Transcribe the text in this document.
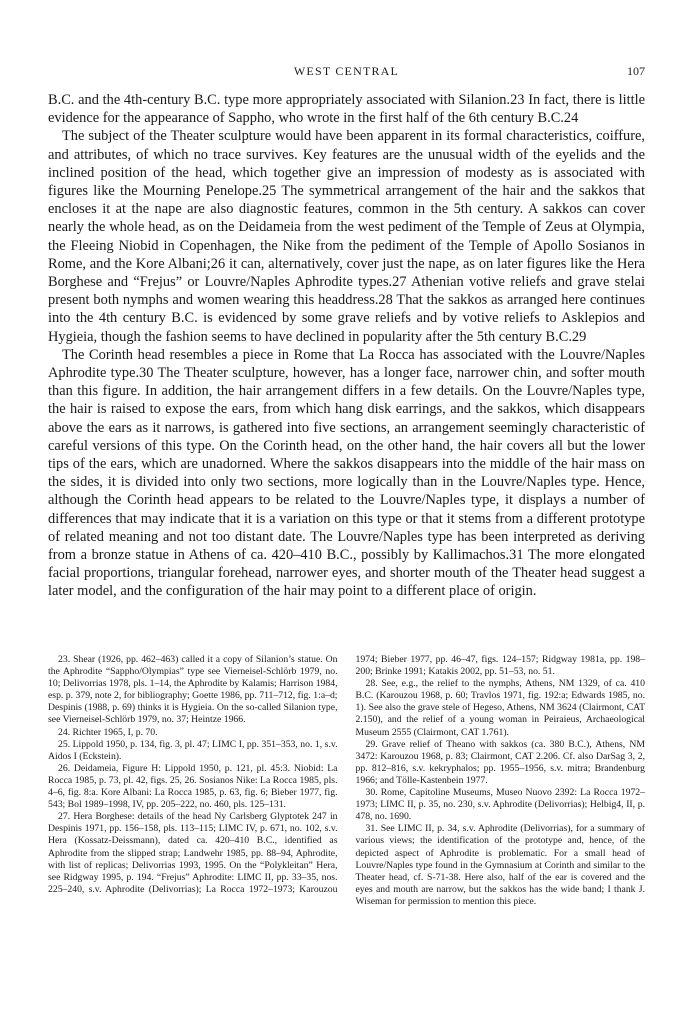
WEST CENTRAL	107

B.C. and the 4th-century B.C. type more appropriately associated with Silanion.23 In fact, there is little evidence for the appearance of Sappho, who wrote in the first half of the 6th century B.C.24

The subject of the Theater sculpture would have been apparent in its formal characteristics, coiffure, and attributes, of which no trace survives. Key features are the unusual width of the eyelids and the inclined position of the head, which together give an impression of modesty as is associated with figures like the Mourning Penelope.25 The symmetrical arrangement of the hair and the sakkos that encloses it at the nape are also diagnostic features, common in the 5th century. A sakkos can cover nearly the whole head, as on the Deidameia from the west pediment of the Temple of Zeus at Olympia, the Fleeing Niobid in Copenhagen, the Nike from the pediment of the Temple of Apollo Sosianos in Rome, and the Kore Albani;26 it can, alternatively, cover just the nape, as on later figures like the Hera Borghese and “Frejus” or Louvre/Naples Aphrodite types.27 Athenian votive reliefs and grave stelai present both nymphs and women wearing this headdress.28 That the sakkos as arranged here continues into the 4th century B.C. is evidenced by some grave reliefs and by votive reliefs to Asklepios and Hygieia, though the fashion seems to have declined in popularity after the 5th century B.C.29

The Corinth head resembles a piece in Rome that La Rocca has associated with the Louvre/Naples Aphrodite type.30 The Theater sculpture, however, has a longer face, narrower chin, and softer mouth than this figure. In addition, the hair arrangement differs in a few details. On the Louvre/Naples type, the hair is raised to expose the ears, from which hang disk earrings, and the sakkos, which disappears above the ears as it narrows, is gathered into five sections, an arrangement seemingly characteristic of careful versions of this type. On the Corinth head, on the other hand, the hair covers all but the lower tips of the ears, which are unadorned. Where the sakkos disappears into the middle of the hair mass on the sides, it is divided into only two sections, more logically than in the Louvre/Naples type. Hence, although the Corinth head appears to be related to the Louvre/Naples type, it displays a number of differences that may indicate that it is a variation on this type or that it stems from a different prototype of related meaning and not too distant date. The Louvre/Naples type has been interpreted as deriving from a bronze statue in Athens of ca. 420–410 B.C., possibly by Kallimachos.31 The more elongated facial proportions, triangular forehead, narrower eyes, and shorter mouth of the Theater head suggest a later model, and the configuration of the hair may point to a different place of origin.

23. Shear (1926, pp. 462–463) called it a copy of Silanion’s statue. On the Aphrodite “Sappho/Olympias” type see Vierneisel-Schlörb 1979, no. 10; Delivorrias 1978, pls. 1–14, the Aphrodite by Kalamis; Harrison 1984, esp. p. 379, note 2, for bibliography; Goette 1986, pp. 711–712, fig. 1:a–d; Despinis (1988, p. 69) thinks it is Hygieia. On the so-called Silanion type, see Vierneisel-Schlörb 1979, no. 37; Heintze 1966.

24. Richter 1965, I, p. 70.

25. Lippold 1950, p. 134, fig. 3, pl. 47; LIMC I, pp. 351–353, no. 1, s.v. Aidos I (Eckstein).

26. Deidameia, Figure H: Lippold 1950, p. 121, pl. 45:3. Niobid: La Rocca 1985, p. 73, pl. 42, figs. 25, 26. Sosianos Nike: La Rocca 1985, pls. 4–6, fig. 8:a. Kore Albani: La Rocca 1985, p. 63, fig. 6; Bieber 1977, fig. 543; Bol 1989–1998, IV, pp. 205–222, no. 460, pls. 125–131.

27. Hera Borghese: details of the head Ny Carlsberg Glyptotek 247 in Despinis 1971, pp. 156–158, pls. 113–115; LIMC IV, p. 671, no. 102, s.v. Hera (Kossatz-Deissmann), dated ca. 420–410 B.C., identified as Aphrodite from the slipped strap; Landwehr 1985, pp. 88–94, Aphrodite, with list of replicas; Delivorrias 1993, 1995. On the “Polykleitan” Hera, see Ridgway 1995, p. 194. “Frejus” Aphrodite: LIMC II, pp. 33–35, nos. 225–240, s.v. Aphrodite (Delivorrias); La Rocca 1972–1973; Karouzou 1974; Bieber 1977, pp. 46–47, figs. 124–157; Ridgway 1981a, pp. 198–200; Brinke 1991; Katakis 2002, pp. 51–53, no. 51.

28. See, e.g., the relief to the nymphs, Athens, NM 1329, of ca. 410 B.C. (Karouzou 1968, p. 60; Travlos 1971, fig. 192:a; Edwards 1985, no. 1). See also the grave stele of Hegeso, Athens, NM 3624 (Clairmont, CAT 2.150), and the relief of a young woman in Peiraieus, Archaeological Museum 2555 (Clairmont, CAT 1.761).

29. Grave relief of Theano with sakkos (ca. 380 B.C.), Athens, NM 3472: Karouzou 1968, p. 83; Clairmont, CAT 2.206. Cf. also DarSag 3, 2, pp. 812–816, s.v. kekryphalos; pp. 1955–1956, s.v. mitra; Brandenburg 1966; and Tölle-Kastenbein 1977.

30. Rome, Capitoline Museums, Museo Nuovo 2392: La Rocca 1972–1973; LIMC II, p. 35, no. 230, s.v. Aphrodite (Delivorrias); Helbig4, II, p. 478, no. 1690.

31. See LIMC II, p. 34, s.v. Aphrodite (Delivorrias), for a summary of various views; the identification of the prototype and, hence, of the depicted aspect of Aphrodite is problematic. For a small head of Louvre/Naples type found in the Gymnasium at Corinth and similar to the Theater head, cf. S-71-38. Here also, half of the ear is covered and the eyes and mouth are narrow, but the sakkos has the wide band; I thank J. Wiseman for permission to mention this piece.
